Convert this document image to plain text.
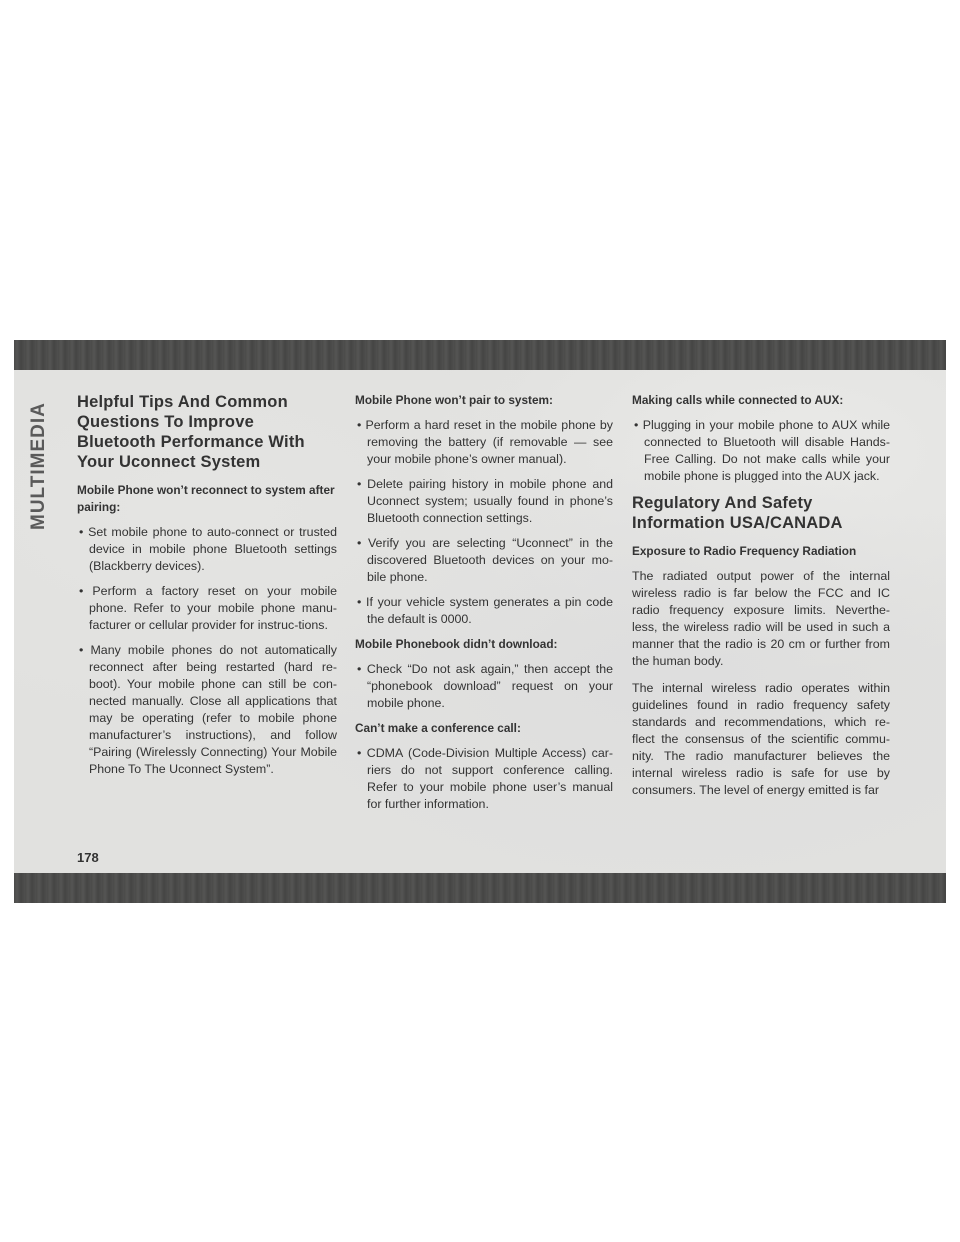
MULTIMEDIA
Helpful Tips And Common Questions To Improve Bluetooth Performance With Your Uconnect System
Mobile Phone won’t reconnect to system after pairing:

• Set mobile phone to auto-connect or trusted device in mobile phone Bluetooth settings (Blackberry devices).

• Perform a factory reset on your mobile phone. Refer to your mobile phone manu-facturer or cellular provider for instruc-tions.

• Many mobile phones do not automatically reconnect after being restarted (hard re-boot). Your mobile phone can still be con-nected manually. Close all applications that may be operating (refer to mobile phone manufacturer’s instructions), and follow “Pairing (Wirelessly Connecting) Your Mobile Phone To The Uconnect System”.

Mobile Phone won’t pair to system:

• Perform a hard reset in the mobile phone by removing the battery (if removable — see your mobile phone’s owner manual).

• Delete pairing history in mobile phone and Uconnect system; usually found in phone’s Bluetooth connection settings.

• Verify you are selecting “Uconnect” in the discovered Bluetooth devices on your mo-bile phone.

• If your vehicle system generates a pin code the default is 0000.

Mobile Phonebook didn’t download:

• Check “Do not ask again,” then accept the “phonebook download” request on your mobile phone.

Can’t make a conference call:

• CDMA (Code-Division Multiple Access) car-riers do not support conference calling. Refer to your mobile phone user’s manual for further information.

Making calls while connected to AUX:

• Plugging in your mobile phone to AUX while connected to Bluetooth will disable Hands-Free Calling. Do not make calls while your mobile phone is plugged into the AUX jack.

Regulatory And Safety Information USA/CANADA
Exposure to Radio Frequency Radiation

The radiated output power of the internal wireless radio is far below the FCC and IC radio frequency exposure limits. Neverthe-less, the wireless radio will be used in such a manner that the radio is 20 cm or further from the human body.

The internal wireless radio operates within guidelines found in radio frequency safety standards and recommendations, which re-flect the consensus of the scientific commu-nity. The radio manufacturer believes the internal wireless radio is safe for use by consumers. The level of energy emitted is far

178
